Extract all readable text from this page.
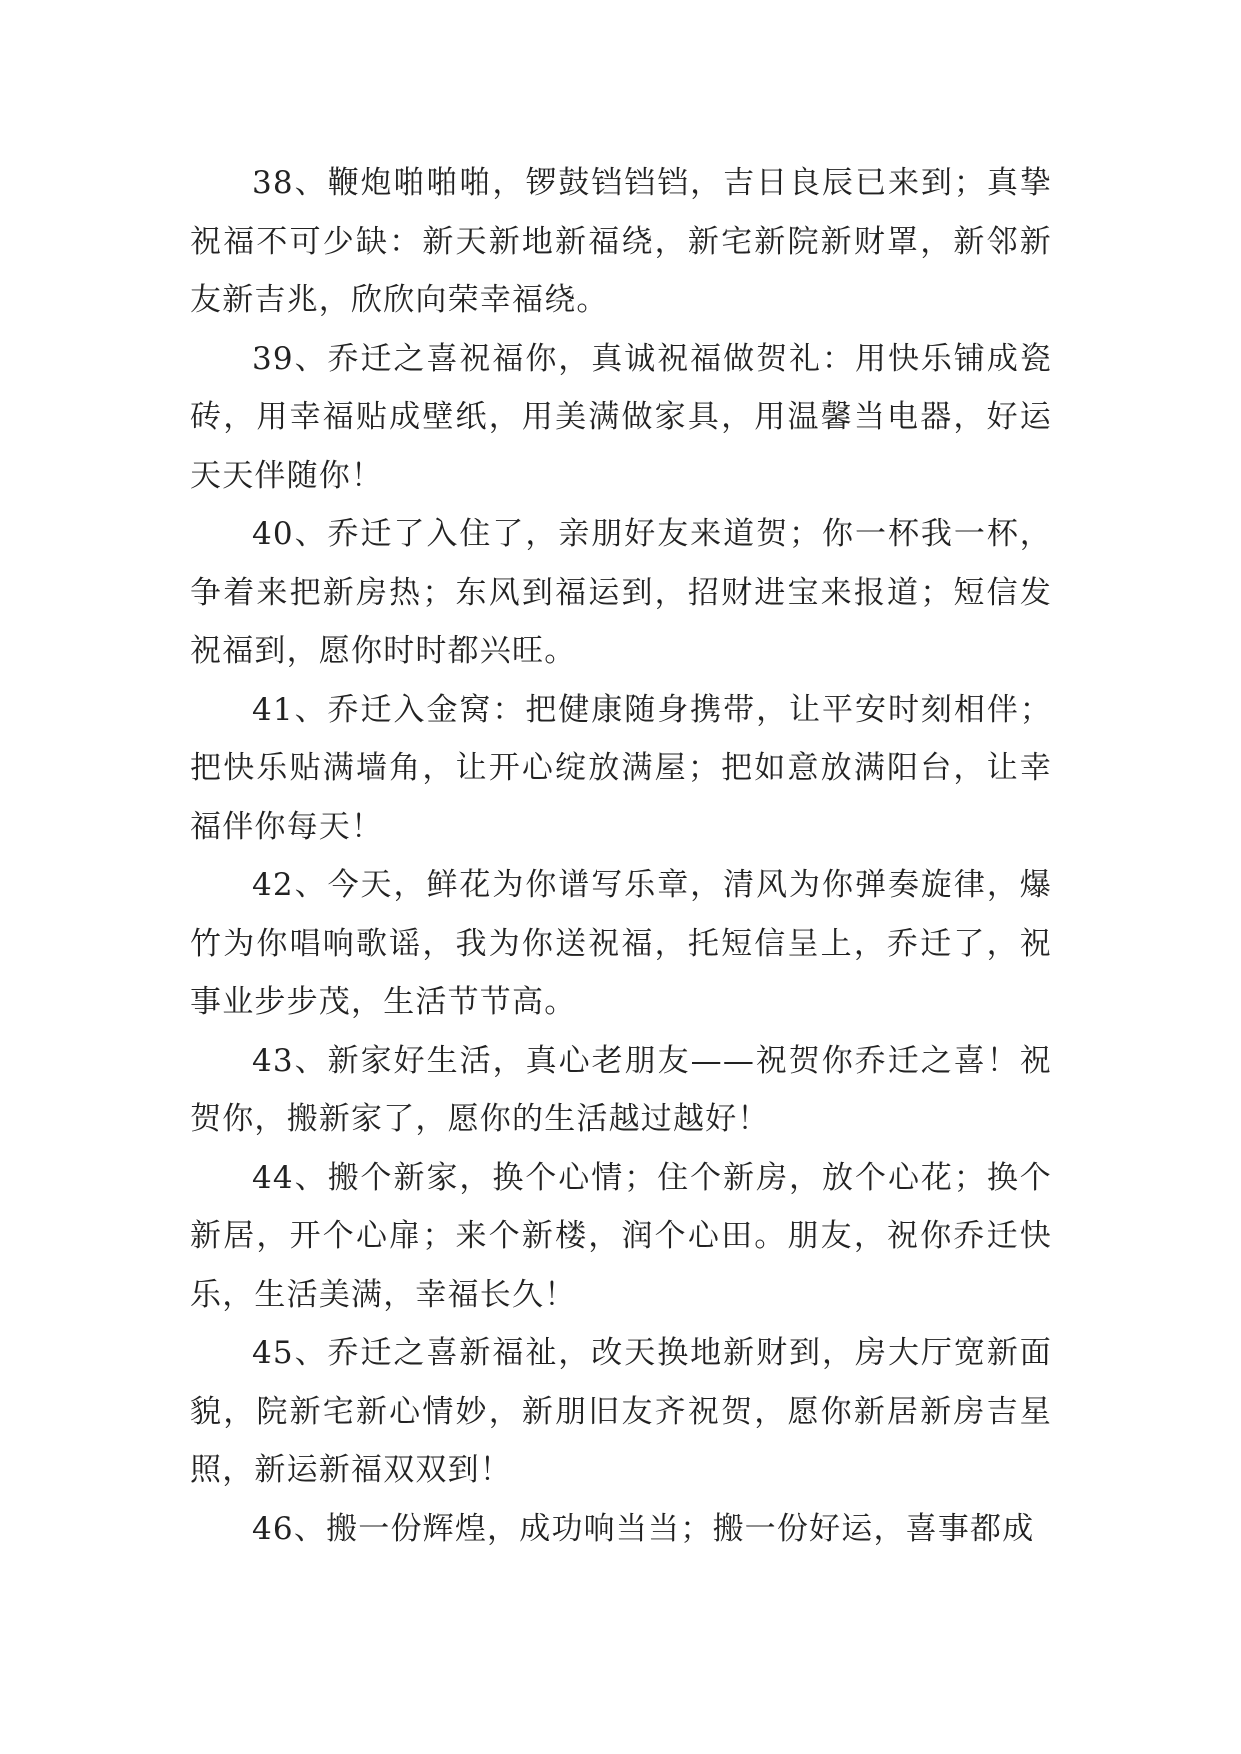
38、鞭炮啪啪啪，锣鼓铛铛铛，吉日良辰已来到；真挚祝福不可少缺：新天新地新福绕，新宅新院新财罩，新邻新友新吉兆，欣欣向荣幸福绕。

39、乔迁之喜祝福你，真诚祝福做贺礼：用快乐铺成瓷砖，用幸福贴成壁纸，用美满做家具，用温馨当电器，好运天天伴随你！

40、乔迁了入住了，亲朋好友来道贺；你一杯我一杯，争着来把新房热；东风到福运到，招财进宝来报道；短信发祝福到，愿你时时都兴旺。

41、乔迁入金窝：把健康随身携带，让平安时刻相伴；把快乐贴满墙角，让开心绽放满屋；把如意放满阳台，让幸福伴你每天！

42、今天，鲜花为你谱写乐章，清风为你弹奏旋律，爆竹为你唱响歌谣，我为你送祝福，托短信呈上，乔迁了，祝事业步步茂，生活节节高。

43、新家好生活，真心老朋友——祝贺你乔迁之喜！祝贺你，搬新家了，愿你的生活越过越好！

44、搬个新家，换个心情；住个新房，放个心花；换个新居，开个心扉；来个新楼，润个心田。朋友，祝你乔迁快乐，生活美满，幸福长久！

45、乔迁之喜新福祉，改天换地新财到，房大厅宽新面貌，院新宅新心情妙，新朋旧友齐祝贺，愿你新居新房吉星照，新运新福双双到！

46、搬一份辉煌，成功响当当；搬一份好运，喜事都成
